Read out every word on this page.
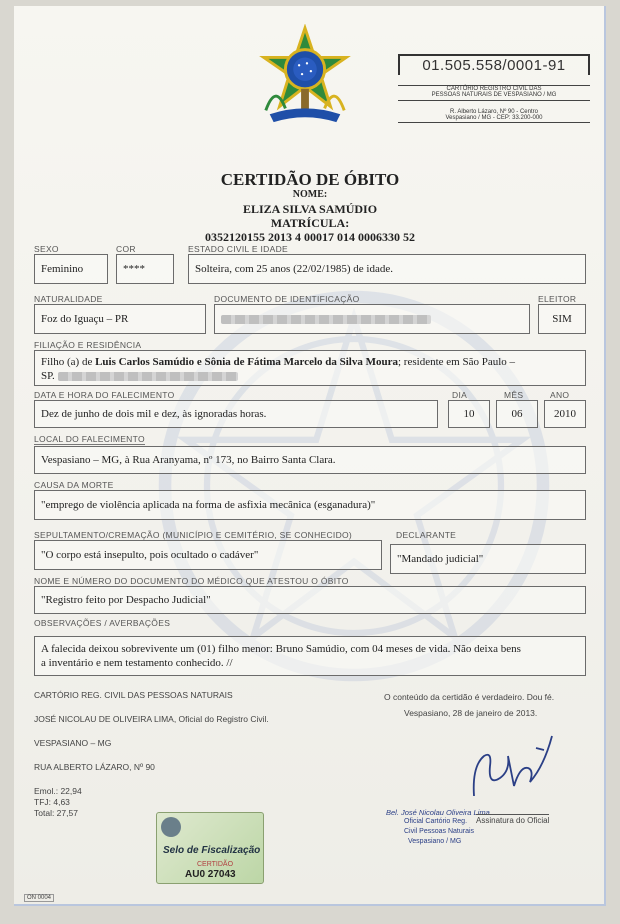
01.505.558/0001-91
CARTÓRIO REGISTRO CIVIL DAS
PESSOAS NATURAIS DE VESPASIANO / MG
R. Alberto Lázaro, Nº 90 - Centro
Vespasiano / MG - CEP: 33.200-000
CERTIDÃO DE ÓBITO
NOME:
ELIZA SILVA SAMÚDIO
MATRÍCULA:
0352120155 2013 4 00017 014 0006330 52
SEXO
Feminino
COR
****
ESTADO CIVIL E IDADE
Solteira, com 25 anos (22/02/1985) de idade.
NATURALIDADE
Foz do Iguaçu – PR
DOCUMENTO DE IDENTIFICAÇÃO	ELEITOR
SIM
FILIAÇÃO E RESIDÊNCIA
Filho (a) de Luis Carlos Samúdio e Sônia de Fátima Marcelo da Silva Moura; residente em São Paulo –
SP.
DATA E HORA DO FALECIMENTO
Dez de junho de dois mil e dez, às ignoradas horas.
DIA
10
MÊS
06
ANO
2010
LOCAL DO FALECIMENTO
Vespasiano – MG, à Rua Aranyama, nº 173, no Bairro Santa Clara.
CAUSA DA MORTE
"emprego de violência aplicada na forma de asfixia mecânica (esganadura)"
SEPULTAMENTO/CREMAÇÃO (MUNICÍPIO E CEMITÉRIO, SE CONHECIDO)
"O corpo está insepulto, pois ocultado o cadáver"
DECLARANTE
"Mandado judicial"
NOME E NÚMERO DO DOCUMENTO DO MÉDICO QUE ATESTOU O ÓBITO
"Registro feito por Despacho Judicial"
OBSERVAÇÕES / AVERBAÇÕES
A falecida deixou sobrevivente um (01) filho menor: Bruno Samúdio, com 04 meses de vida. Não deixa bens
a inventário e nem testamento conhecido. //
CARTÓRIO REG. CIVIL DAS PESSOAS NATURAIS
JOSÉ NICOLAU DE OLIVEIRA LIMA, Oficial do Registro Civil.
VESPASIANO – MG
RUA ALBERTO LÁZARO, Nº 90
Emol.: 22,94
TFJ: 4,63
Total: 27,57
O conteúdo da certidão é verdadeiro. Dou fé.
Vespasiano, 28 de janeiro de 2013.
Bel. José Nicolau Oliveira Lima
Oficial Cartório Reg.
Civil Pessoas Naturais
Vespasiano / MG
Assinatura do Oficial
Selo de Fiscalização
CERTIDÃO
AU0 27043
ON 0004
